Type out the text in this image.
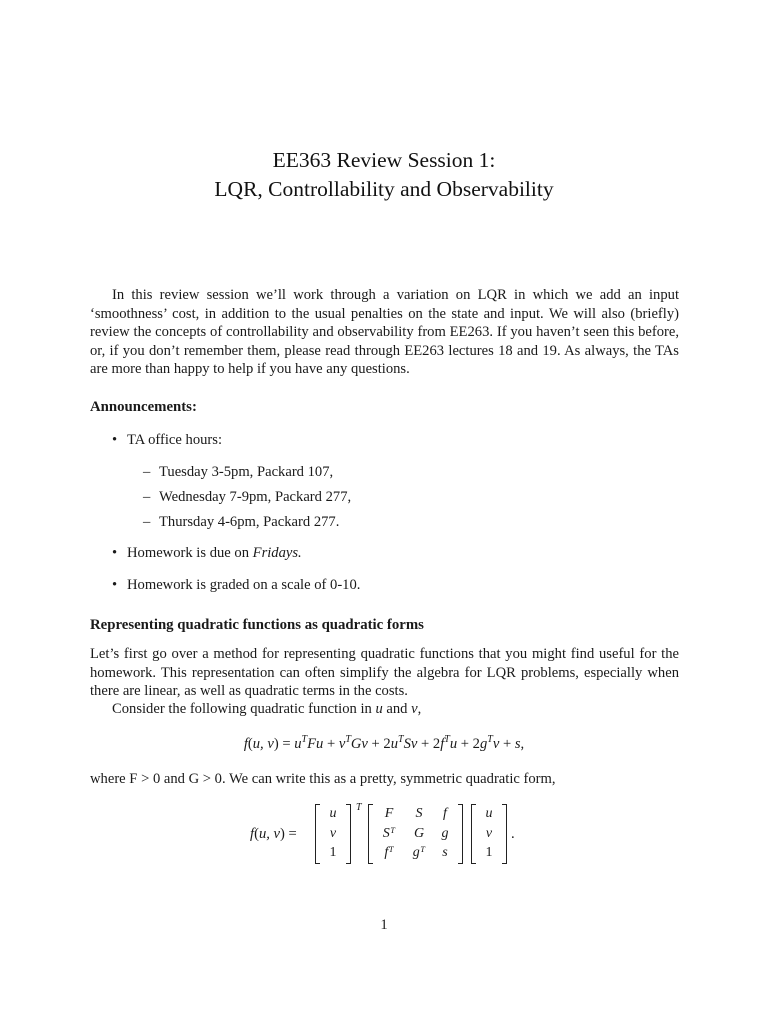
EE363 Review Session 1:
LQR, Controllability and Observability
In this review session we’ll work through a variation on LQR in which we add an input ‘smoothness’ cost, in addition to the usual penalties on the state and input. We will also (briefly) review the concepts of controllability and observability from EE263. If you haven’t seen this before, or, if you don’t remember them, please read through EE263 lectures 18 and 19. As always, the TAs are more than happy to help if you have any questions.
Announcements:
• TA office hours:
– Tuesday 3-5pm, Packard 107,
– Wednesday 7-9pm, Packard 277,
– Thursday 4-6pm, Packard 277.
• Homework is due on Fridays.
• Homework is graded on a scale of 0-10.
Representing quadratic functions as quadratic forms
Let’s first go over a method for representing quadratic functions that you might find useful for the homework. This representation can often simplify the algebra for LQR problems, especially when there are linear, as well as quadratic terms in the costs.
Consider the following quadratic function in u and v,
f(u, $v) = u^TFu + v^TGv + 2u^TSv + 2f^Tu + 2g^Tv + s$,
where F > 0 and G > 0. We can write this as a pretty, symmetric quadratic form,
f(u, v) =
u
v
1
T	F	S	f
Sᵀ	G	g
fᵀ	gᵀ	s
u
v
1
.
1
